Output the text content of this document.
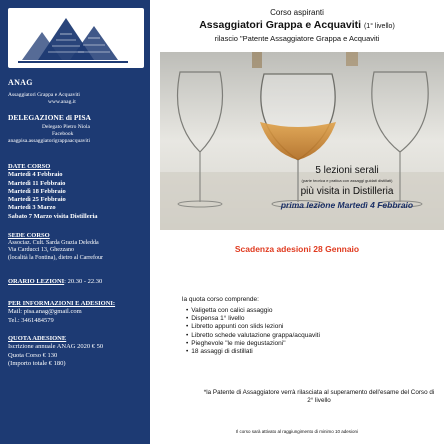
ANAG
Assaggiatori Grappa e Acquaviti
www.anag.it
DELEGAZIONE di PISA
Delegato Pietro Niola
Facebook
anagpisa.assaggiatorigrappaacquaviti
DATE CORSO
Martedì 4 Febbraio
Martedì 11 Febbraio
Martedì 18 Febbraio
Martedì 25 Febbraio
Martedì 3 Marzo
Sabato 7 Marzo visita Distilleria
SEDE CORSO
Associaz. Cult. Sarda Grazia Deledda
Via Carducci 13, Ghezzano
(località la Fontina), dietro al Carrefour
ORARIO LEZIONI: 20.30 - 22.30
PER INFORMAZIONI E ADESIONI:
Mail: pisa.anag@gmail.com
Tel.: 3461484579
QUOTA ADESIONE
Iscrizione annuale ANAG 2020 € 50
Quota Corso € 130
(Importo totale € 180)
Corso aspiranti
Assaggiatori Grappa e Acquaviti (1° livello)
rilascio "Patente Assaggiatore Grappa e Acquaviti
5 lezioni serali
(parte teorica e pratica con assaggi guidati distillati)
più visita in Distilleria
prima lezione Martedì 4 Febbraio
Scadenza adesioni 28 Gennaio
la quota corso comprende:
• Valigetta con calici assaggio
• Dispensa 1° livello
• Libretto appunti con slids lezioni
• Libretto schede valutazione grappa/acquaviti
• Pieghevole "le mie degustazioni"
• 18 assaggi di distillati
*la Patente di Assaggiatore verrà rilasciata al superamento dell'esame del Corso di 2° livello
Il corso sarà attivato al raggiungimento di minimo 10 adesioni
